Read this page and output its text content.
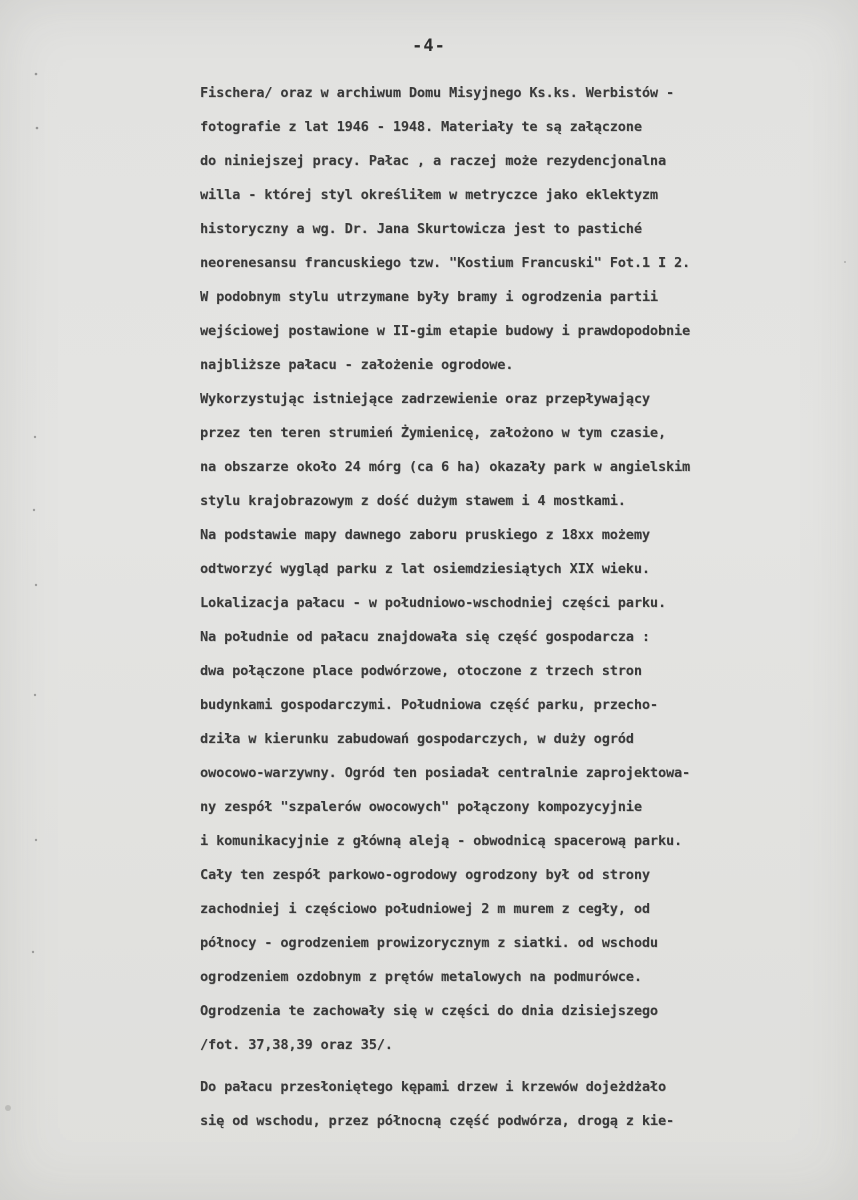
-4-
Fischera/ oraz w archiwum Domu Misyjnego Ks.ks. Werbistów -
fotografie z lat 1946 - 1948. Materiały te są załączone
do niniejszej pracy. Pałac , a raczej może rezydencjonalna
willa - której styl określiłem w metryczce jako eklektyzm
historyczny a wg. Dr. Jana Skurtowicza jest to pastiché
neorenesansu francuskiego tzw. "Kostium Francuski" Fot.1 I 2.
W podobnym stylu utrzymane były bramy i ogrodzenia partii
wejściowej postawione w II-gim etapie budowy i prawdopodobnie
najbliższe pałacu - założenie ogrodowe.
Wykorzystując istniejące zadrzewienie oraz przepływający
przez ten teren strumień Żymienicę, założono w tym czasie,
na obszarze około 24 mórg (ca 6 ha) okazały park w angielskim
stylu krajobrazowym z dość dużym stawem i 4 mostkami.
Na podstawie mapy dawnego zaboru pruskiego z 18xx możemy
odtworzyć wygląd parku z lat osiemdziesiątych XIX wieku.
Lokalizacja pałacu - w południowo-wschodniej części parku.
Na południe od pałacu znajdowała się część gospodarcza :
dwa połączone place podwórzowe, otoczone z trzech stron
budynkami gospodarczymi. Południowa część parku, przecho-
dziła w kierunku zabudowań gospodarczych, w duży ogród
owocowo-warzywny. Ogród ten posiadał centralnie zaprojektowa-
ny zespół "szpalerów owocowych" połączony kompozycyjnie
i komunikacyjnie z główną aleją - obwodnicą spacerową parku.
Cały ten zespół parkowo-ogrodowy ogrodzony był od strony
zachodniej i częściowo południowej 2 m murem z cegły, od
północy - ogrodzeniem prowizorycznym z siatki. od wschodu
ogrodzeniem ozdobnym z prętów metalowych na podmurówce.
Ogrodzenia te zachowały się w części do dnia dzisiejszego
/fot. 37,38,39 oraz 35/.
Do pałacu przesłoniętego kępami drzew i krzewów dojeżdżało
się od wschodu, przez północną część podwórza, drogą z kie-
